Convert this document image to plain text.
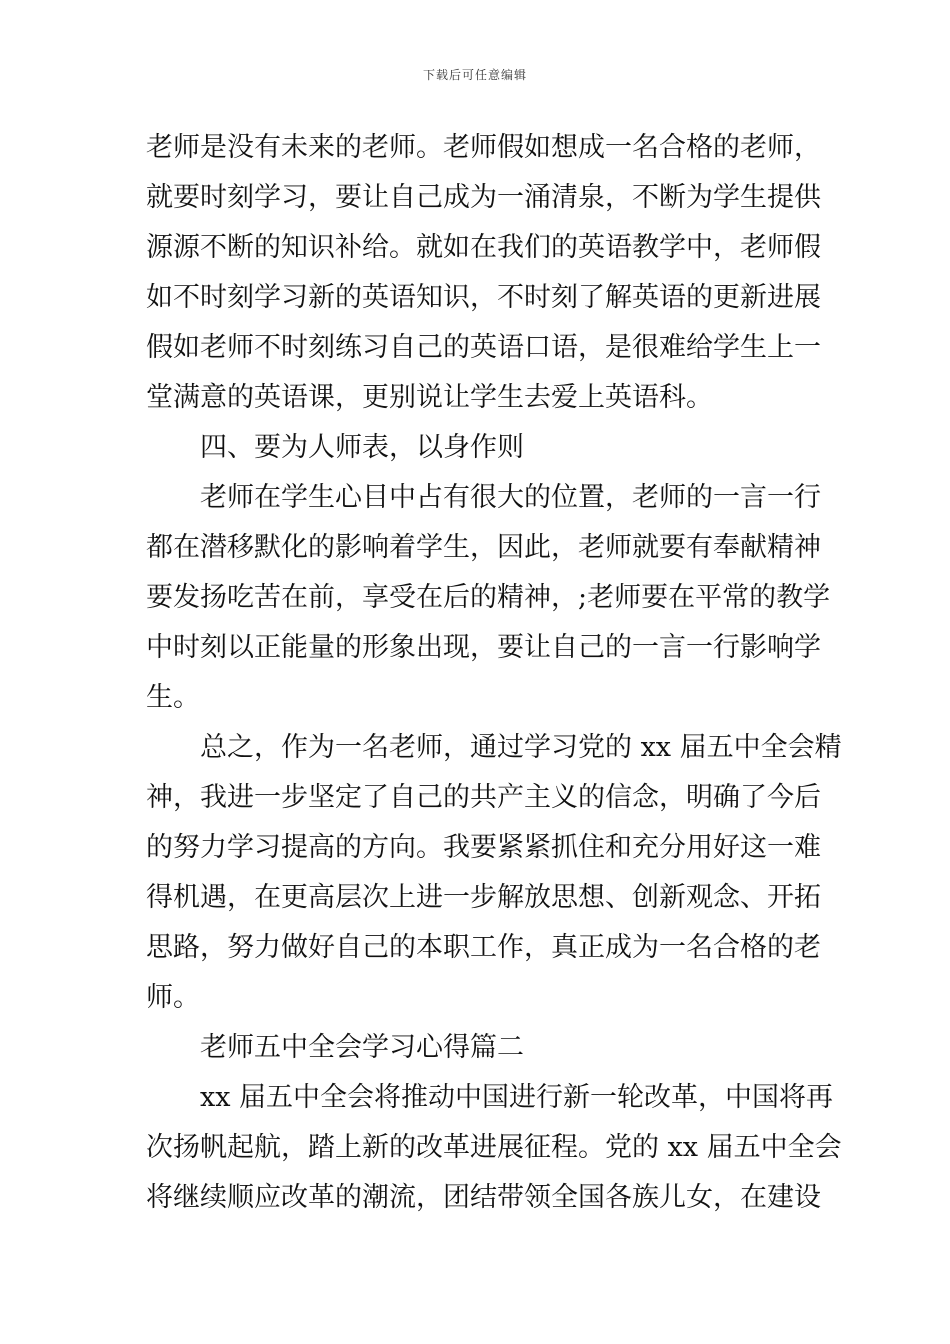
下载后可任意编辑

老师是没有未来的老师。老师假如想成一名合格的老师，
就要时刻学习，要让自己成为一涌清泉，不断为学生提供
源源不断的知识补给。就如在我们的英语教学中，老师假
如不时刻学习新的英语知识，不时刻了解英语的更新进展
假如老师不时刻练习自己的英语口语，是很难给学生上一
堂满意的英语课，更别说让学生去爱上英语科。

四、要为人师表，以身作则

老师在学生心目中占有很大的位置，老师的一言一行
都在潜移默化的影响着学生，因此，老师就要有奉献精神
要发扬吃苦在前，享受在后的精神，;老师要在平常的教学
中时刻以正能量的形象出现，要让自己的一言一行影响学
生。

总之，作为一名老师，通过学习党的 xx 届五中全会精
神，我进一步坚定了自己的共产主义的信念，明确了今后
的努力学习提高的方向。我要紧紧抓住和充分用好这一难
得机遇，在更高层次上进一步解放思想、创新观念、开拓
思路，努力做好自己的本职工作，真正成为一名合格的老
师。

老师五中全会学习心得篇二

xx 届五中全会将推动中国进行新一轮改革，中国将再
次扬帆起航，踏上新的改革进展征程。党的 xx 届五中全会
将继续顺应改革的潮流，团结带领全国各族儿女，在建设
